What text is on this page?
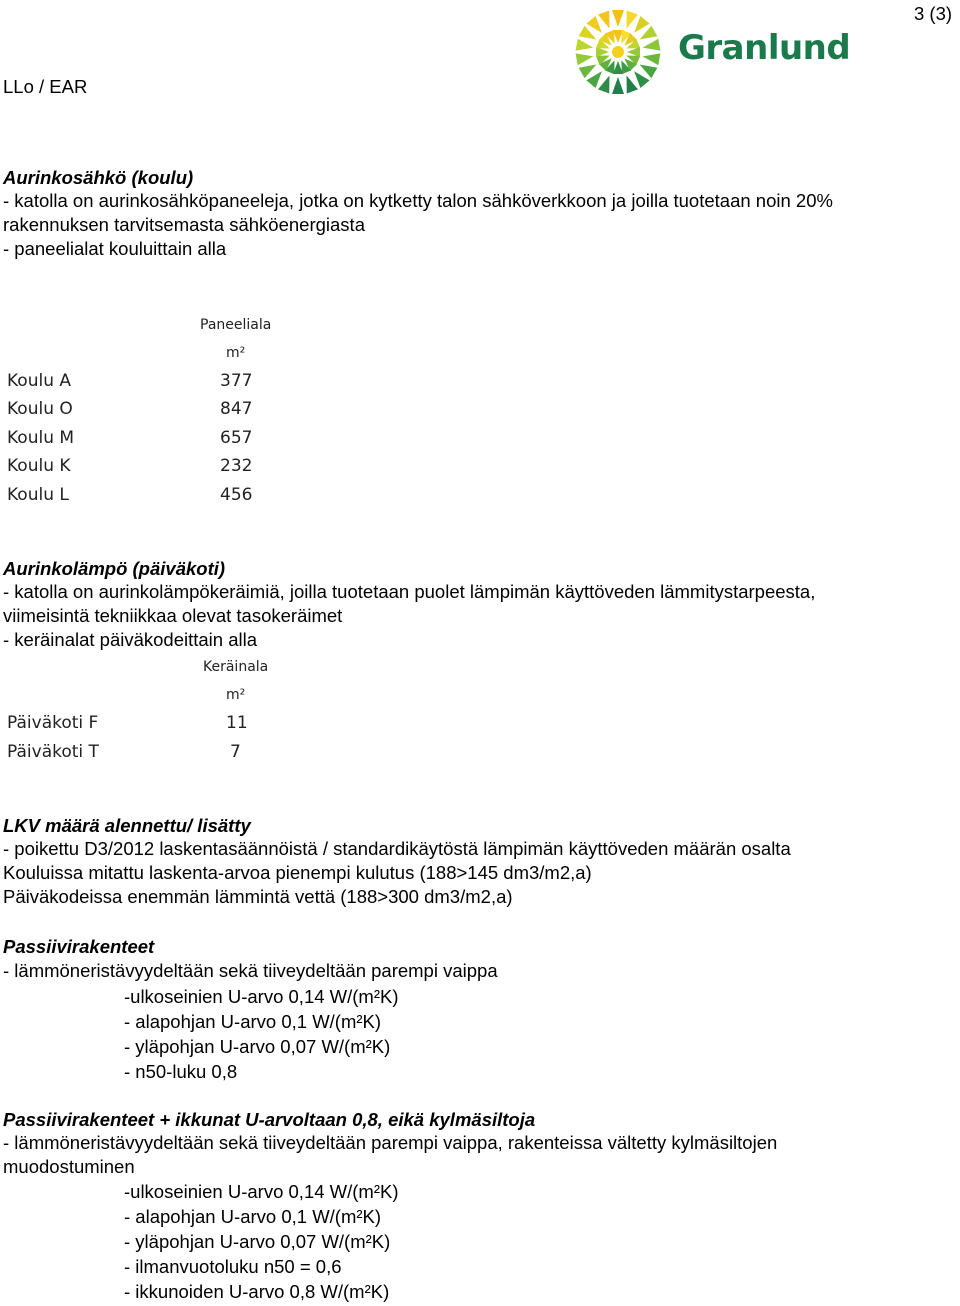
3 (3)
LLo / EAR
Granlund
Aurinkosähkö (koulu)
- katolla on aurinkosähköpaneeleja, jotka on kytketty talon sähköverkkoon ja joilla tuotetaan noin 20%
rakennuksen tarvitsemasta sähköenergiasta
- paneelialat kouluittain alla
Paneeliala
m²
Koulu A	377
Koulu O	847
Koulu M	657
Koulu K	232
Koulu L	456
Aurinkolämpö (päiväkoti)
- katolla on aurinkolämpökeräimiä, joilla tuotetaan puolet lämpimän käyttöveden lämmitystarpeesta,
viimeisintä tekniikkaa olevat tasokeräimet
- keräinalat päiväkodeittain alla
Keräinala
m²
Päiväkoti F	11
Päiväkoti T	7
LKV määrä alennettu/ lisätty
- poikettu D3/2012 laskentasäännöistä / standardikäytöstä lämpimän käyttöveden määrän osalta
Kouluissa mitattu laskenta-arvoa pienempi kulutus (188>145 dm3/m2,a)
Päiväkodeissa enemmän lämmintä vettä (188>300 dm3/m2,a)
Passiivirakenteet
- lämmöneristävyydeltään sekä tiiveydeltään parempi vaippa
-ulkoseinien U-arvo 0,14 W/(m²K)
- alapohjan U-arvo 0,1 W/(m²K)
- yläpohjan U-arvo 0,07 W/(m²K)
- n50-luku 0,8
Passiivirakenteet + ikkunat U-arvoltaan 0,8, eikä kylmäsiltoja
- lämmöneristävyydeltään sekä tiiveydeltään parempi vaippa, rakenteissa vältetty kylmäsiltojen
muodostuminen
-ulkoseinien U-arvo 0,14 W/(m²K)
- alapohjan U-arvo 0,1 W/(m²K)
- yläpohjan U-arvo 0,07 W/(m²K)
- ilmanvuotoluku n50 = 0,6
- ikkunoiden U-arvo 0,8 W/(m²K)
